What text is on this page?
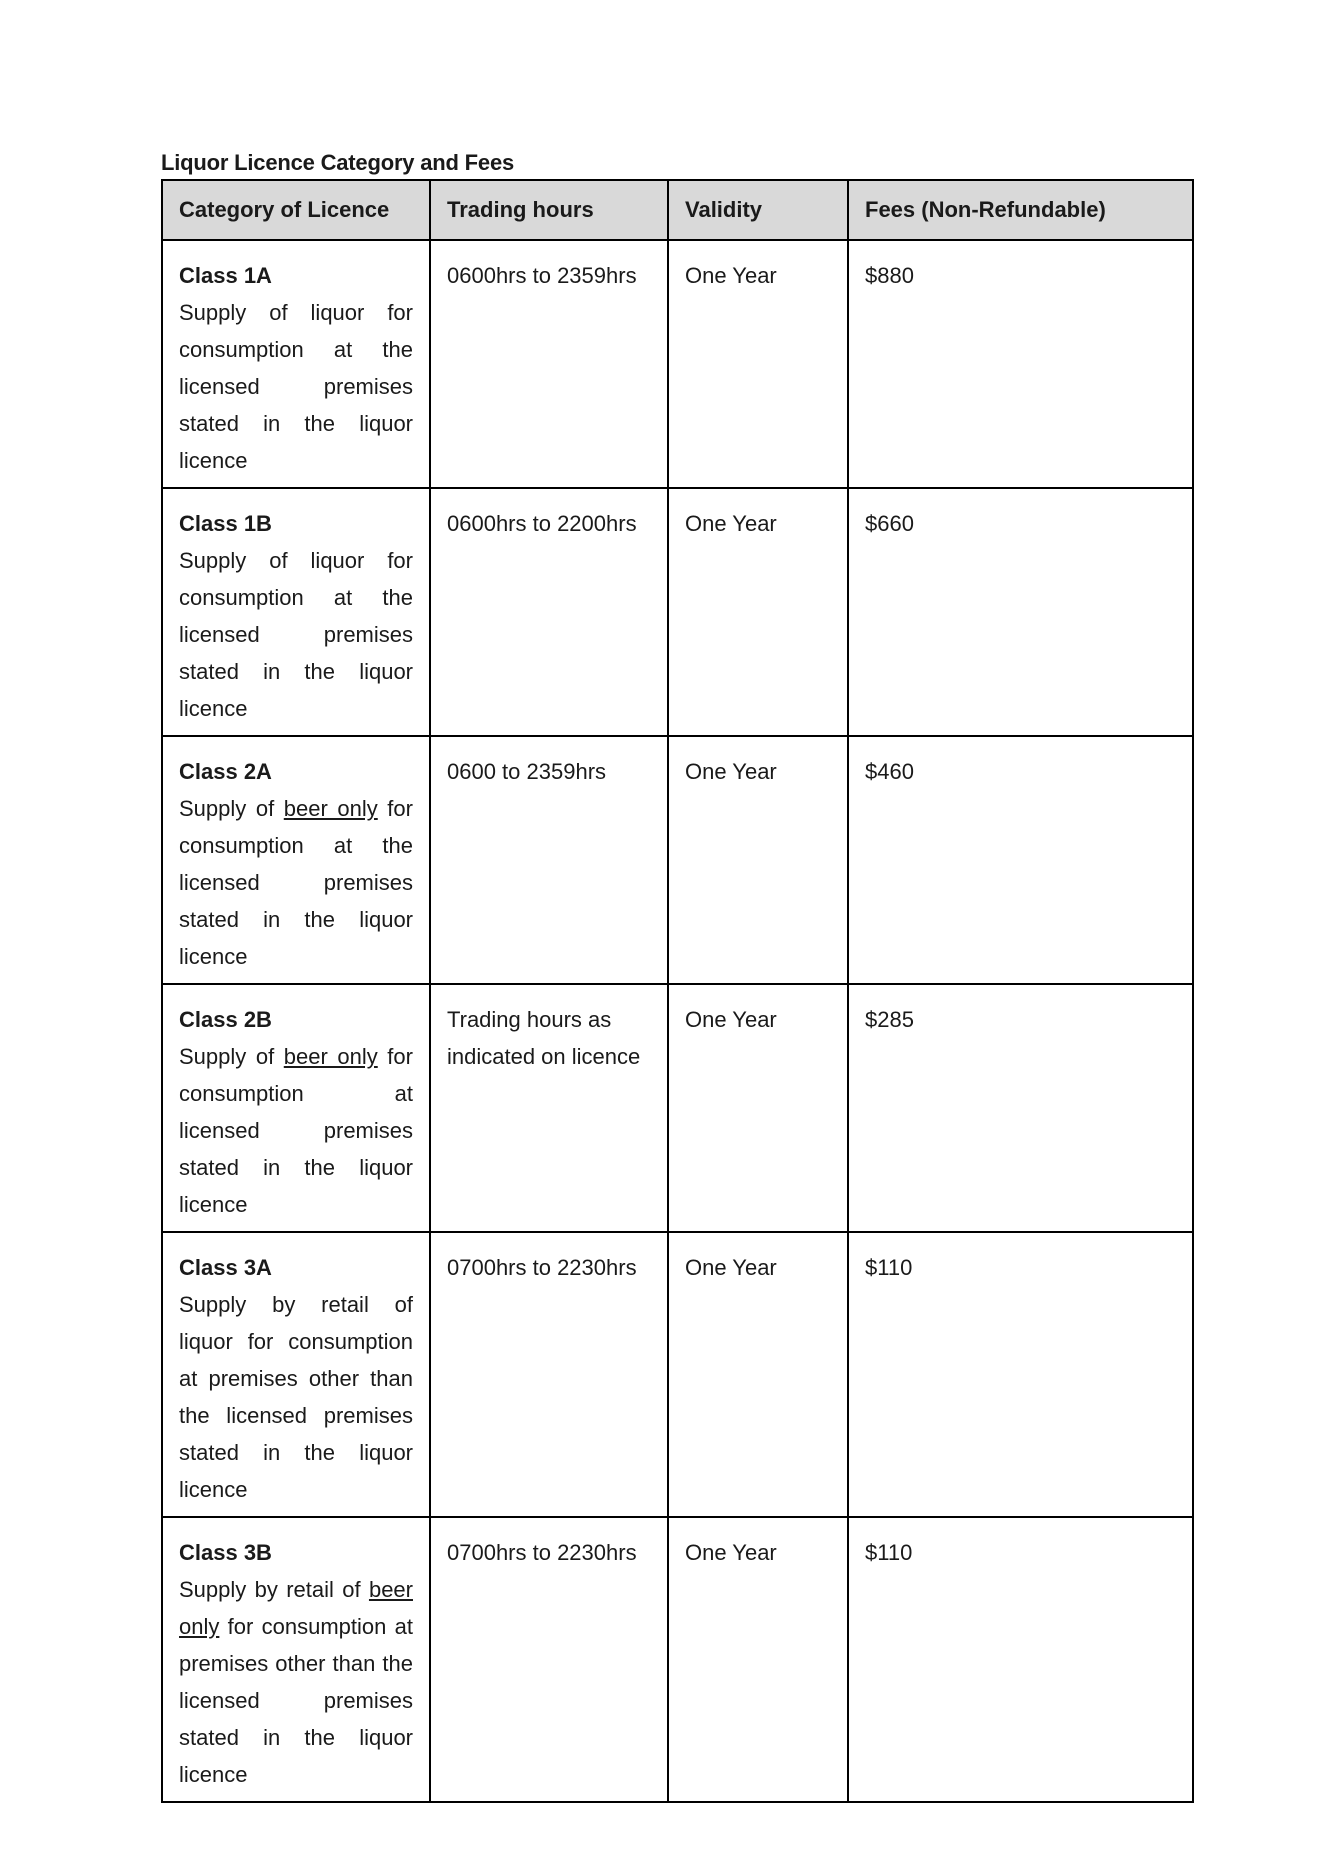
Liquor Licence Category and Fees
Category of Licence	Trading hours	Validity	Fees (Non-Refundable)

Class 1A
Supply of liquor for consumption at the licensed premises stated in the liquor licence	0600hrs to 2359hrs	One Year	$880

Class 1B
Supply of liquor for consumption at the licensed premises stated in the liquor licence	0600hrs to 2200hrs	One Year	$660

Class 2A
Supply of beer only for consumption at the licensed premises stated in the liquor licence	0600 to 2359hrs	One Year	$460

Class 2B
Supply of beer only for consumption at licensed premises stated in the liquor licence	Trading hours as indicated on licence	One Year	$285

Class 3A
Supply by retail of liquor for consumption at premises other than the licensed premises stated in the liquor licence	0700hrs to 2230hrs	One Year	$110

Class 3B
Supply by retail of beer only for consumption at premises other than the licensed premises stated in the liquor licence	0700hrs to 2230hrs	One Year	$110
